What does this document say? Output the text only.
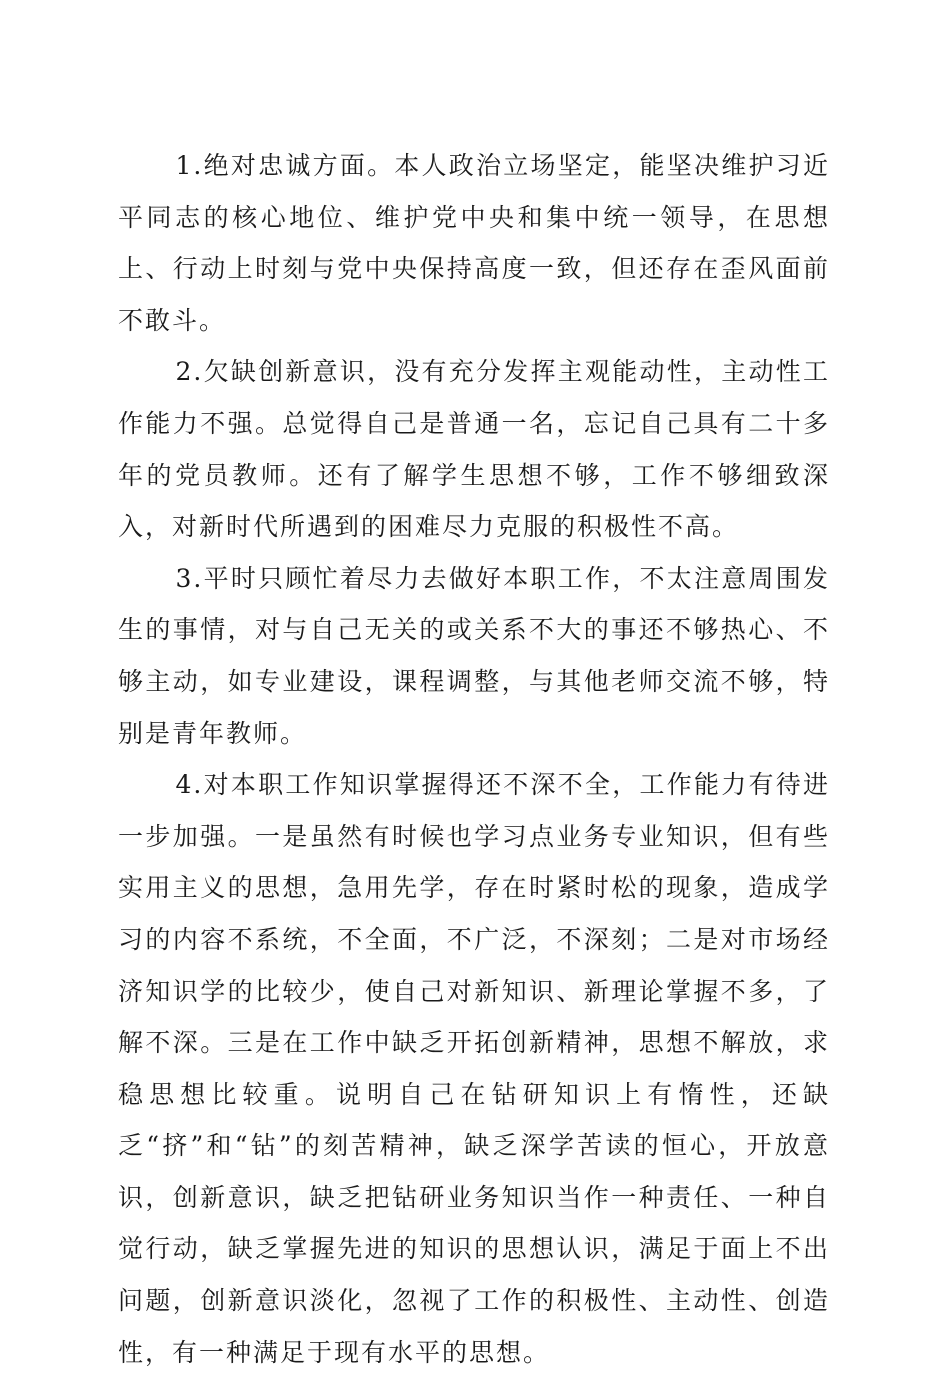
1.绝对忠诚方面。本人政治立场坚定，能坚决维护习近平同志的核心地位、维护党中央和集中统一领导，在思想上、行动上时刻与党中央保持高度一致，但还存在歪风面前不敢斗。

2.欠缺创新意识，没有充分发挥主观能动性，主动性工作能力不强。总觉得自己是普通一名，忘记自己具有二十多年的党员教师。还有了解学生思想不够，工作不够细致深入，对新时代所遇到的困难尽力克服的积极性不高。

3.平时只顾忙着尽力去做好本职工作，不太注意周围发生的事情，对与自己无关的或关系不大的事还不够热心、不够主动，如专业建设，课程调整，与其他老师交流不够，特别是青年教师。

4.对本职工作知识掌握得还不深不全，工作能力有待进一步加强。一是虽然有时候也学习点业务专业知识，但有些实用主义的思想，急用先学，存在时紧时松的现象，造成学习的内容不系统，不全面，不广泛，不深刻；二是对市场经济知识学的比较少，使自己对新知识、新理论掌握不多，了解不深。三是在工作中缺乏开拓创新精神，思想不解放，求稳思想比较重。说明自己在钻研知识上有惰性，还缺乏“挤”和“钻”的刻苦精神，缺乏深学苦读的恒心，开放意识，创新意识，缺乏把钻研业务知识当作一种责任、一种自觉行动，缺乏掌握先进的知识的思想认识，满足于面上不出问题，创新意识淡化，忽视了工作的积极性、主动性、创造性，有一种满足于现有水平的思想。
